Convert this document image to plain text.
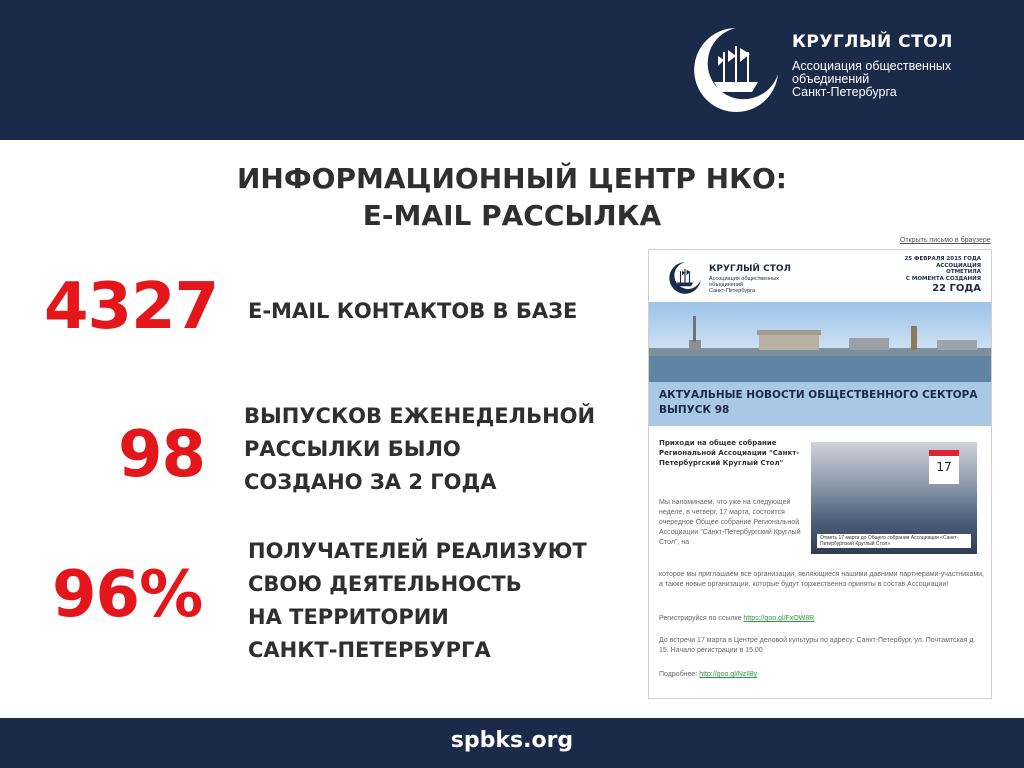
КРУГЛЫЙ СТОЛ
Ассоциация общественных
объединений
Санкт-Петербурга
ИНФОРМАЦИОННЫЙ ЦЕНТР НКО:
E-MAIL РАССЫЛКА
4327 E-MAIL КОНТАКТОВ В БАЗЕ
98
ВЫПУСКОВ ЕЖЕНЕДЕЛЬНОЙ
РАССЫЛКИ БЫЛО
СОЗДАНО ЗА 2 ГОДА
96%
ПОЛУЧАТЕЛЕЙ РЕАЛИЗУЮТ
СВОЮ ДЕЯТЕЛЬНОСТЬ
НА ТЕРРИТОРИИ
САНКТ-ПЕТЕРБУРГА
Открыть письмо в браузере
КРУГЛЫЙ СТОЛ
Ассоциация общественных
объединений
Санкт-Петербурга
25 ФЕВРАЛЯ 2015 ГОДА
АССОЦИАЦИЯ
ОТМЕТИЛА
С МОМЕНТА СОЗДАНИЯ
22 ГОДА
АКТУАЛЬНЫЕ НОВОСТИ ОБЩЕСТВЕННОГО СЕКТОРА
ВЫПУСК 98
Приходи на общее собрание Региональной Ассоциации "Санкт-Петербургский Круглый Стол"
Мы напоминаем, что уже на следующей неделе, в четверг, 17 марта, состоится очередное Общее собрание Региональной Ассоциации "Санкт-Петербургский Круглый Стол", на
17
Отметь 17 марта до Общего собрания Ассоциации «Санкт-Петербургский Круглый Стол»
которое мы приглашаем все организации, являющиеся нашими давними партнерами-участниками, а также новые организации, которые будут торжественно приняты в состав Ассоциации!
Регистрируйся по ссылке https://goo.gl/FxOW8R
До встречи 17 марта в Центре деловой культуры по адресу: Санкт-Петербург, ул. Почтамтская д. 15. Начало регистрации в 15.00
Подробнее: http://goo.gl/NzIl8y
spbks.org
